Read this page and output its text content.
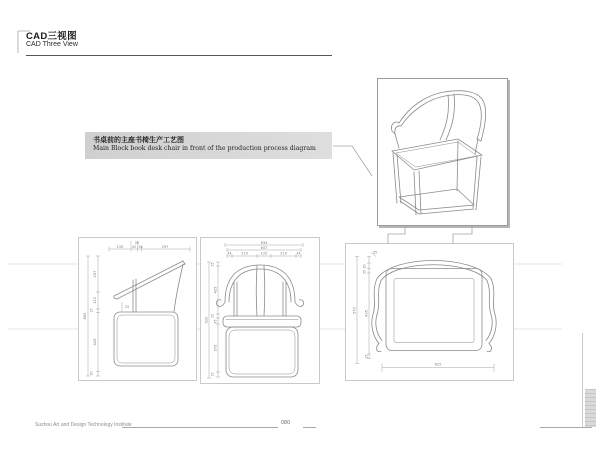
CAD三视图
CAD Three View
书桌前的主座书椅生产工艺图
Main Block book desk chair in front of the production process diagram
20
150	45 26	297
860
257
123
25
425
30
25
634
647
44	219	120	219	44
520
25
425
25
45
375
25
35
30
25
570 435
25
625
Suzhou Art and Design Technology Institute	080
